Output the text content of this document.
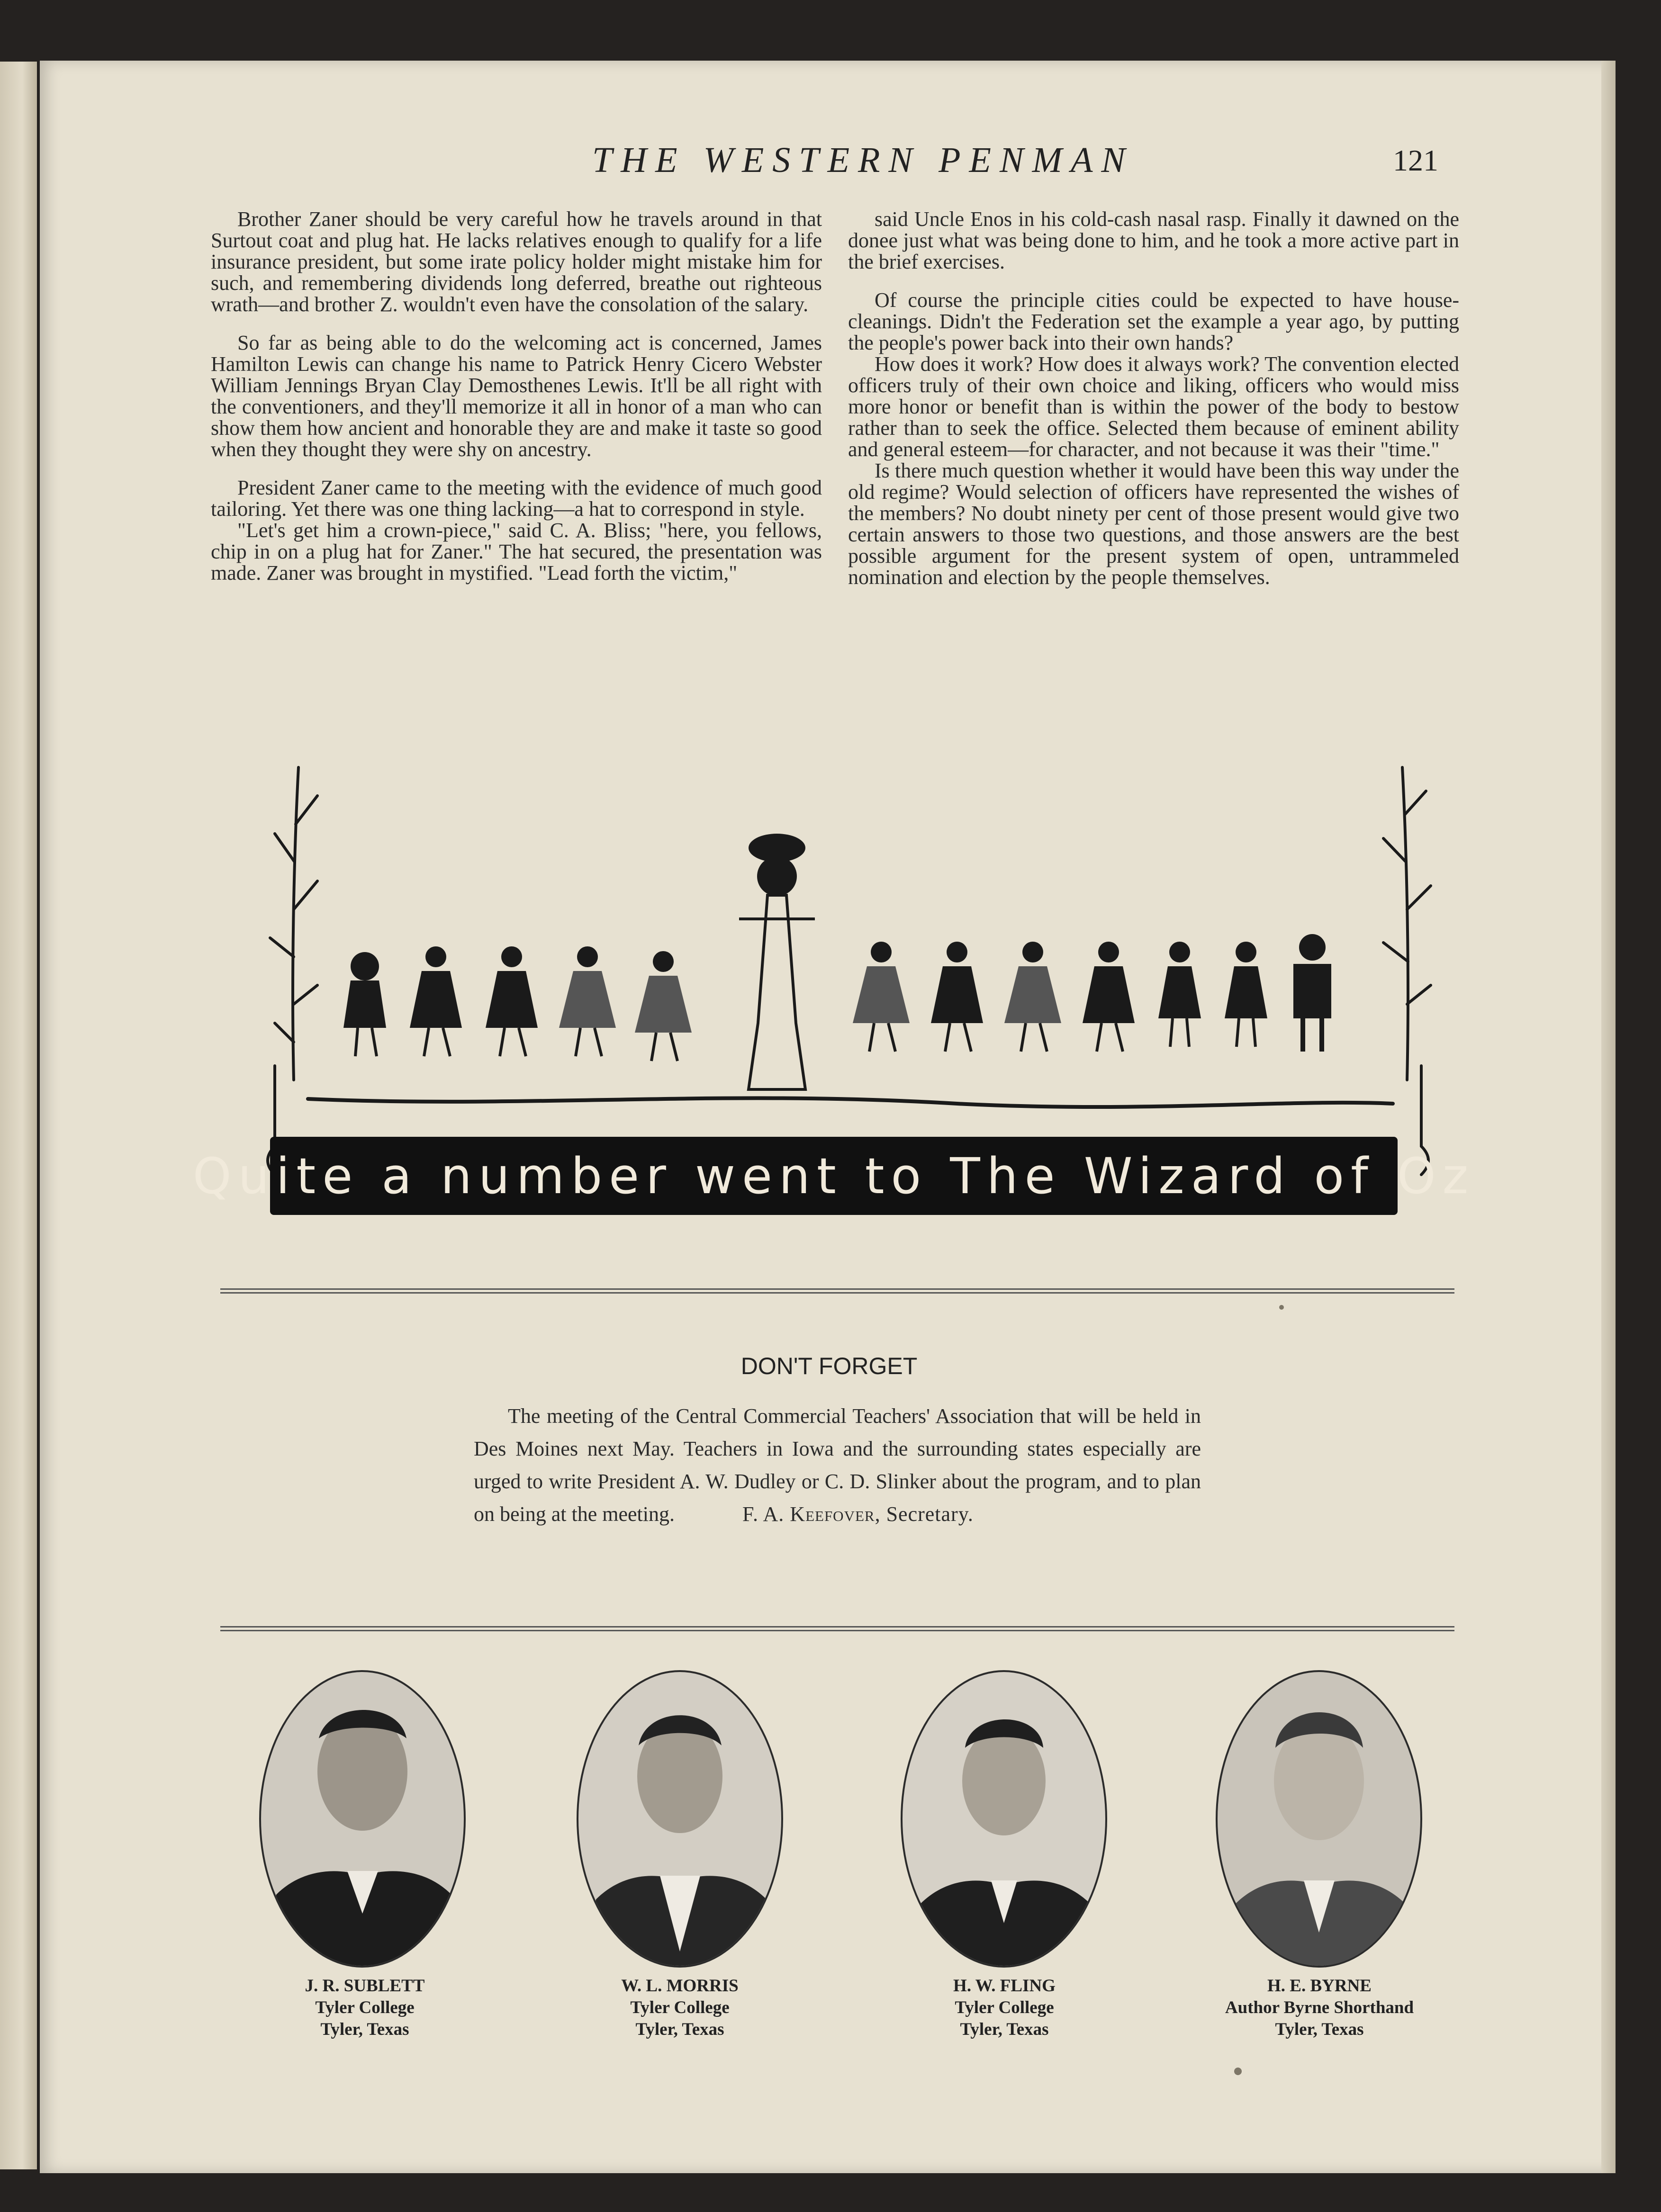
THE WESTERN PENMAN	121

Brother Zaner should be very careful how he travels around in that Surtout coat and plug hat. He lacks relatives enough to qualify for a life insurance president, but some irate policy holder might mistake him for such, and remembering dividends long deferred, breathe out righteous wrath—and brother Z. wouldn't even have the consolation of the salary.

So far as being able to do the welcoming act is concerned, James Hamilton Lewis can change his name to Patrick Henry Cicero Webster William Jennings Bryan Clay Demosthenes Lewis. It'll be all right with the conventioners, and they'll memorize it all in honor of a man who can show them how ancient and honorable they are and make it taste so good when they thought they were shy on ancestry.

President Zaner came to the meeting with the evidence of much good tailoring. Yet there was one thing lacking—a hat to correspond in style.

"Let's get him a crown-piece," said C. A. Bliss; "here, you fellows, chip in on a plug hat for Zaner." The hat secured, the presentation was made. Zaner was brought in mystified. "Lead forth the victim,"

said Uncle Enos in his cold-cash nasal rasp. Finally it dawned on the donee just what was being done to him, and he took a more active part in the brief exercises.

Of course the principle cities could be expected to have house-cleanings. Didn't the Federation set the example a year ago, by putting the people's power back into their own hands?

How does it work? How does it always work? The convention elected officers truly of their own choice and liking, officers who would miss more honor or benefit than is within the power of the body to bestow rather than to seek the office. Selected them because of eminent ability and general esteem—for character, and not because it was their "time."

Is there much question whether it would have been this way under the old regime? Would selection of officers have represented the wishes of the members? No doubt ninety per cent of those present would give two certain answers to those two questions, and those answers are the best possible argument for the present system of open, untrammeled nomination and election by the people themselves.

Quite a number went to The Wizard of Oz
DON'T FORGET
The meeting of the Central Commercial Teachers' Association that will be held in Des Moines next May. Teachers in Iowa and the surrounding states especially are urged to write President A. W. Dudley or C. D. Slinker about the program, and to plan on being at the meeting.	F. A. Keefover, Secretary.
J. R. SUBLETT
Tyler College
Tyler, Texas
W. L. MORRIS
Tyler College
Tyler, Texas
H. W. FLING
Tyler College
Tyler, Texas
H. E. BYRNE
Author Byrne Shorthand
Tyler, Texas
